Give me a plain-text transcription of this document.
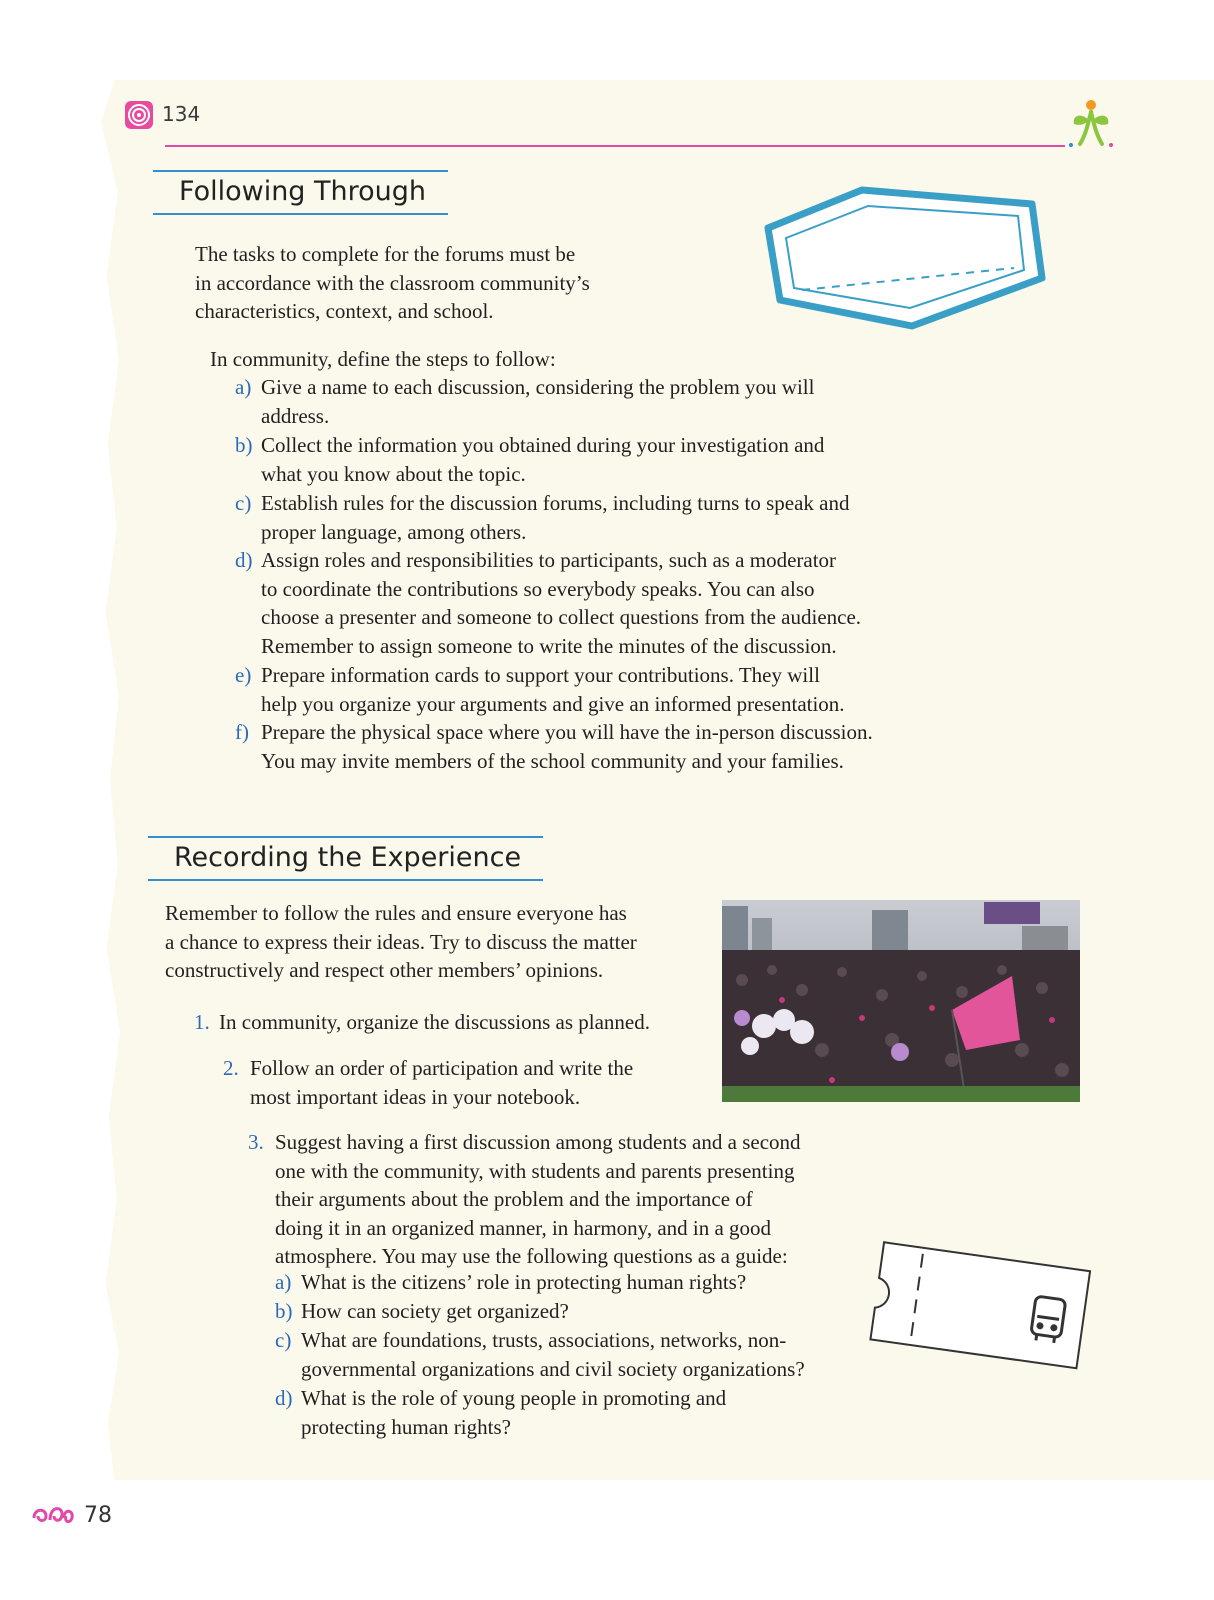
134
Following Through
The tasks to complete for the forums must be
in accordance with the classroom community’s
characteristics, context, and school.
In community, define the steps to follow:
a) Give a name to each discussion, considering the problem you will
address.
b) Collect the information you obtained during your investigation and
what you know about the topic.
c) Establish rules for the discussion forums, including turns to speak and
proper language, among others.
d) Assign roles and responsibilities to participants, such as a moderator
to coordinate the contributions so everybody speaks. You can also
choose a presenter and someone to collect questions from the audience.
Remember to assign someone to write the minutes of the discussion.
e) Prepare information cards to support your contributions. They will
help you organize your arguments and give an informed presentation.
f) Prepare the physical space where you will have the in-person discussion.
You may invite members of the school community and your families.
Recording the Experience
Remember to follow the rules and ensure everyone has
a chance to express their ideas. Try to discuss the matter
constructively and respect other members’ opinions.
1. In community, organize the discussions as planned.
2. Follow an order of participation and write the
most important ideas in your notebook.
3. Suggest having a first discussion among students and a second
one with the community, with students and parents presenting
their arguments about the problem and the importance of
doing it in an organized manner, in harmony, and in a good
atmosphere. You may use the following questions as a guide:
a) What is the citizens’ role in protecting human rights?
b) How can society get organized?
c) What are foundations, trusts, associations, networks, non-
governmental organizations and civil society organizations?
d) What is the role of young people in promoting and
protecting human rights?
78
